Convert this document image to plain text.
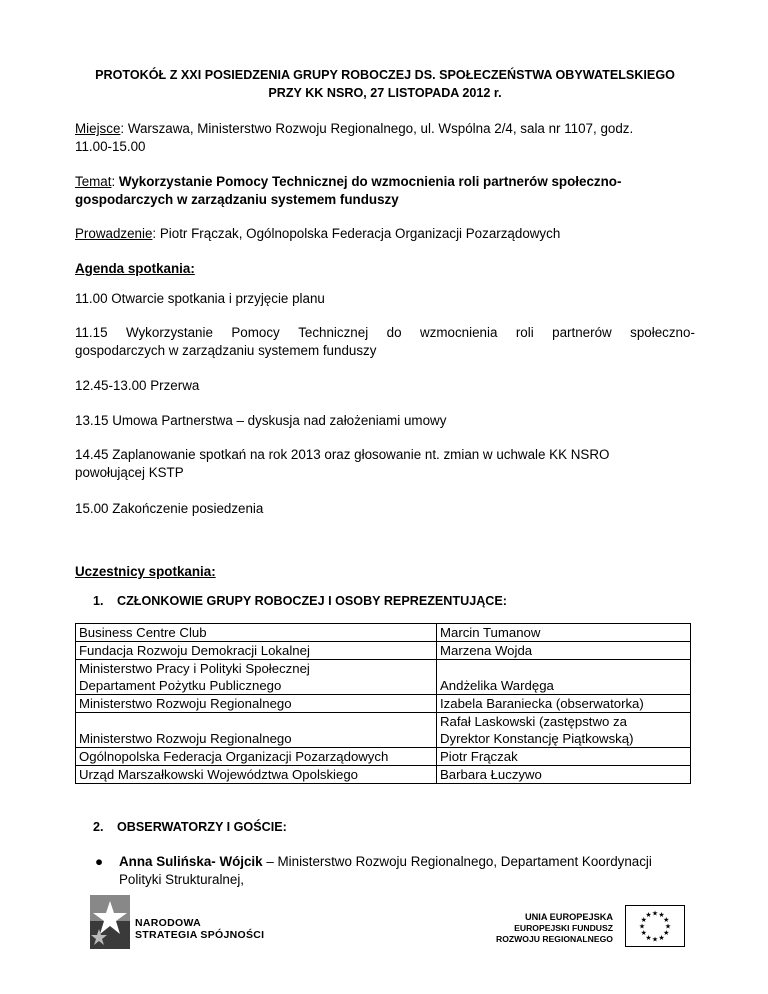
PROTOKÓŁ Z XXI POSIEDZENIA GRUPY ROBOCZEJ DS. SPOŁECZEŃSTWA OBYWATELSKIEGO
PRZY KK NSRO, 27 LISTOPADA 2012 r.
Miejsce: Warszawa, Ministerstwo Rozwoju Regionalnego, ul. Wspólna 2/4, sala nr 1107, godz.
11.00-15.00
Temat: Wykorzystanie Pomocy Technicznej do wzmocnienia roli partnerów społeczno-
gospodarczych w zarządzaniu systemem funduszy
Prowadzenie: Piotr Frączak, Ogólnopolska Federacja Organizacji Pozarządowych
Agenda spotkania:
11.00 Otwarcie spotkania i przyjęcie planu
11.15 Wykorzystanie Pomocy Technicznej do wzmocnienia roli partnerów społeczno-
gospodarczych w zarządzaniu systemem funduszy
12.45-13.00 Przerwa
13.15 Umowa Partnerstwa – dyskusja nad założeniami umowy
14.45 Zaplanowanie spotkań na rok 2013 oraz głosowanie nt. zmian w uchwale KK NSRO
powołującej KSTP
15.00 Zakończenie posiedzenia
Uczestnicy spotkania:
1. CZŁONKOWIE GRUPY ROBOCZEJ I OSOBY REPREZENTUJĄCE:
Business Centre Club	Marcin Tumanow
Fundacja Rozwoju Demokracji Lokalnej	Marzena Wojda
Ministerstwo Pracy i Polityki Społecznej
Departament Pożytku Publicznego	Andżelika Wardęga
Ministerstwo Rozwoju Regionalnego	Izabela Baraniecka (obserwatorka)
Ministerstwo Rozwoju Regionalnego	Rafał Laskowski (zastępstwo za
Dyrektor Konstancję Piątkowską)
Ogólnopolska Federacja Organizacji Pozarządowych	Piotr Frączak
Urząd Marszałkowski Województwa Opolskiego	Barbara Łuczywo
2. OBSERWATORZY I GOŚCIE:
● Anna Sulińska- Wójcik – Ministerstwo Rozwoju Regionalnego, Departament Koordynacji
Polityki Strukturalnej,
NARODOWA
STRATEGIA SPÓJNOŚCI
UNIA EUROPEJSKA
EUROPEJSKI FUNDUSZ
ROZWOJU REGIONALNEGO
★ ★
★
★
★
★
★
★
★
★
★
★
